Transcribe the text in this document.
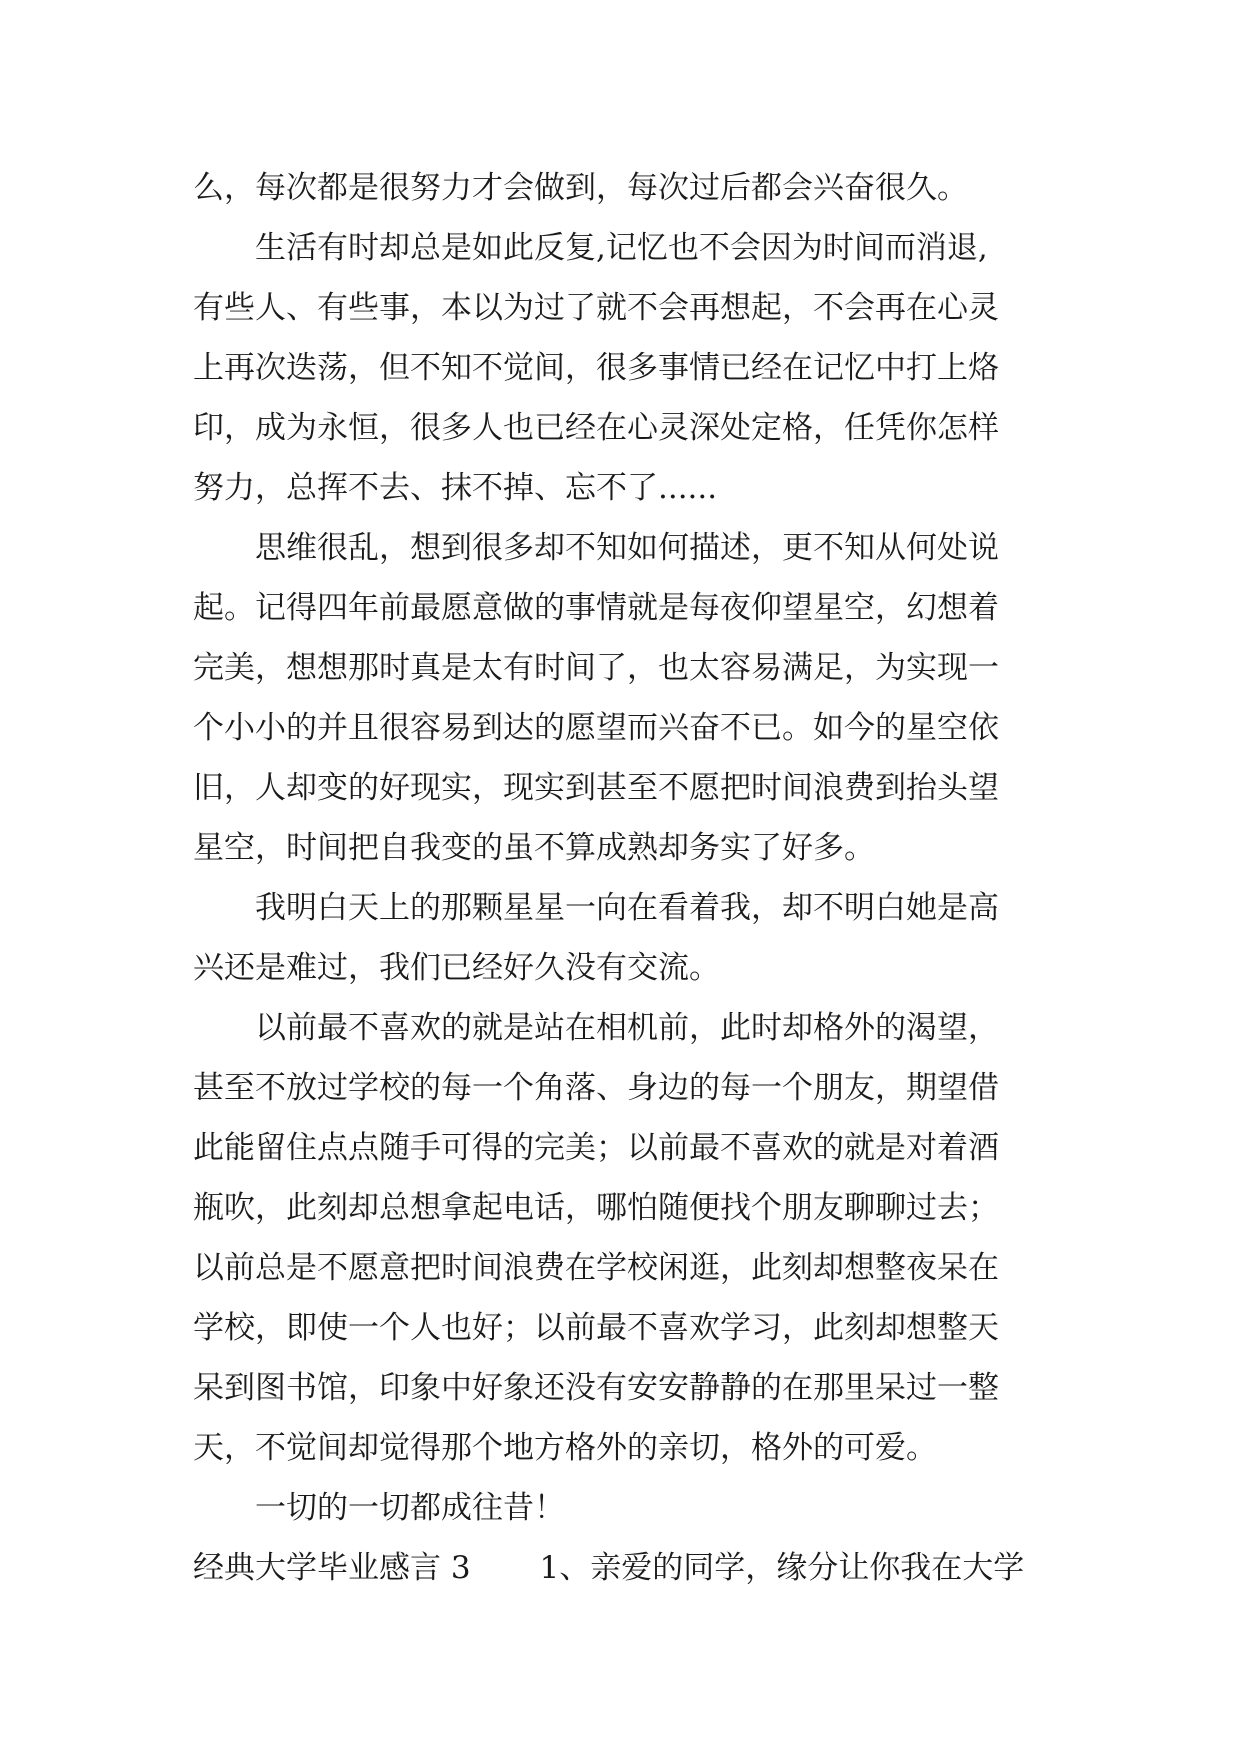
么，每次都是很努力才会做到，每次过后都会兴奋很久。
生活有时却总是如此反复,记忆也不会因为时间而消退,
有些人、有些事，本以为过了就不会再想起，不会再在心灵
上再次迭荡，但不知不觉间，很多事情已经在记忆中打上烙
印，成为永恒，很多人也已经在心灵深处定格，任凭你怎样
努力，总挥不去、抹不掉、忘不了......
思维很乱，想到很多却不知如何描述，更不知从何处说
起。记得四年前最愿意做的事情就是每夜仰望星空，幻想着
完美，想想那时真是太有时间了，也太容易满足，为实现一
个小小的并且很容易到达的愿望而兴奋不已。如今的星空依
旧，人却变的好现实，现实到甚至不愿把时间浪费到抬头望
星空，时间把自我变的虽不算成熟却务实了好多。
我明白天上的那颗星星一向在看着我，却不明白她是高
兴还是难过，我们已经好久没有交流。
以前最不喜欢的就是站在相机前，此时却格外的渴望，
甚至不放过学校的每一个角落、身边的每一个朋友，期望借
此能留住点点随手可得的完美；以前最不喜欢的就是对着酒
瓶吹，此刻却总想拿起电话，哪怕随便找个朋友聊聊过去；
以前总是不愿意把时间浪费在学校闲逛，此刻却想整夜呆在
学校，即使一个人也好；以前最不喜欢学习，此刻却想整天
呆到图书馆，印象中好象还没有安安静静的在那里呆过一整
天，不觉间却觉得那个地方格外的亲切，格外的可爱。
一切的一切都成往昔！
经典大学毕业感言 3       1、亲爱的同学，缘分让你我在大学
